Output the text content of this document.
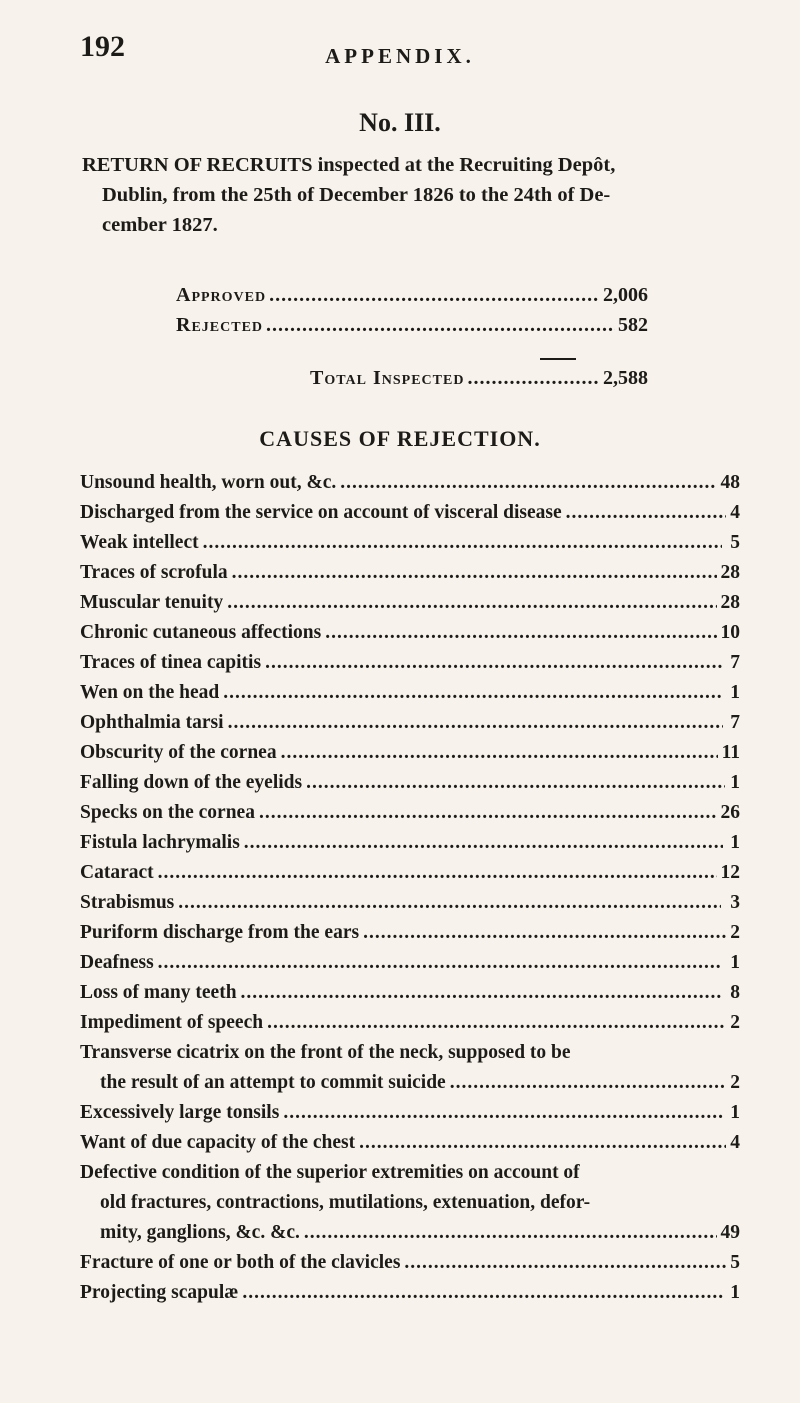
192	APPENDIX.
No. III.
RETURN OF RECRUITS inspected at the Recruiting Depôt,
Dublin, from the 25th of December 1826 to the 24th of De-
cember 1827.
Approved .....	2,006
Rejected .....	582
Total Inspected .....	2,588
CAUSES OF REJECTION.
Unsound health, worn out, &c. .....	48
Discharged from the service on account of visceral disease .....	4
Weak intellect .....	5
Traces of scrofula .....	28
Muscular tenuity .....	28
Chronic cutaneous affections .....	10
Traces of tinea capitis .....	7
Wen on the head .....	1
Ophthalmia tarsi .....	7
Obscurity of the cornea .....	11
Falling down of the eyelids .....	1
Specks on the cornea .....	26
Fistula lachrymalis .....	1
Cataract .....	12
Strabismus .....	3
Puriform discharge from the ears .....	2
Deafness .....	1
Loss of many teeth .....	8
Impediment of speech .....	2
Transverse cicatrix on the front of the neck, supposed to be
the result of an attempt to commit suicide .....	2
Excessively large tonsils .....	1
Want of due capacity of the chest .....	4
Defective condition of the superior extremities on account of
old fractures, contractions, mutilations, extenuation, defor-
mity, ganglions, &c. &c. .....	49
Fracture of one or both of the clavicles .....	5
Projecting scapulæ .....	1
